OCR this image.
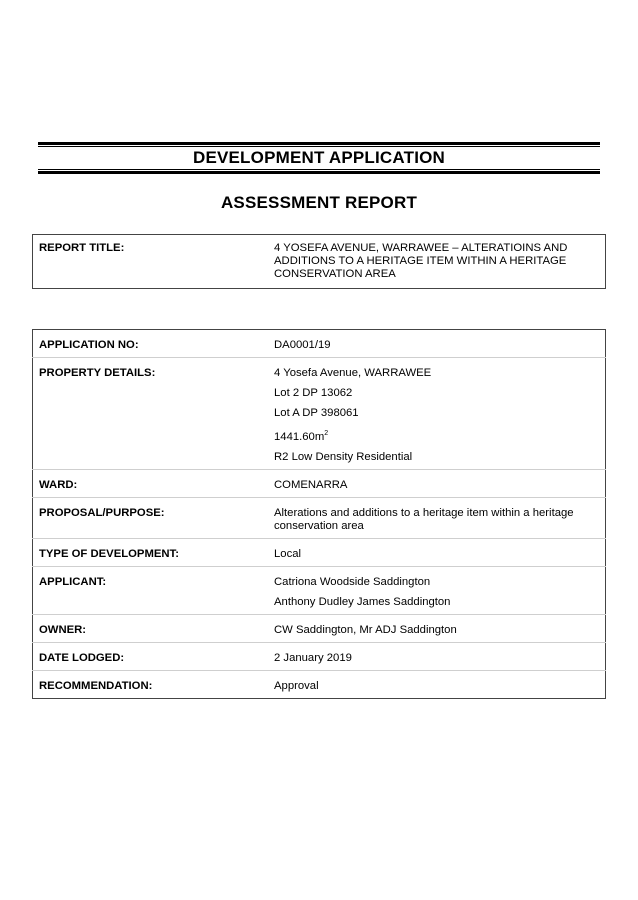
DEVELOPMENT APPLICATION
ASSESSMENT REPORT
REPORT TITLE:	4 YOSEFA AVENUE, WARRAWEE – ALTERATIOINS AND ADDITIONS TO A HERITAGE ITEM WITHIN A HERITAGE CONSERVATION AREA
APPLICATION NO:	DA0001/19
PROPERTY DETAILS:	4 Yosefa Avenue, WARRAWEE
Lot 2 DP 13062
Lot A DP 398061
$1441.60m^2$
R2 Low Density Residential

WARD:	COMENARRA
PROPOSAL/PURPOSE:	Alterations and additions to a heritage item within a heritage conservation area
TYPE OF DEVELOPMENT:	Local
APPLICANT:	Catriona Woodside Saddington
Anthony Dudley James Saddington

OWNER:	CW Saddington, Mr ADJ Saddington
DATE LODGED:	2 January 2019
RECOMMENDATION:	Approval
